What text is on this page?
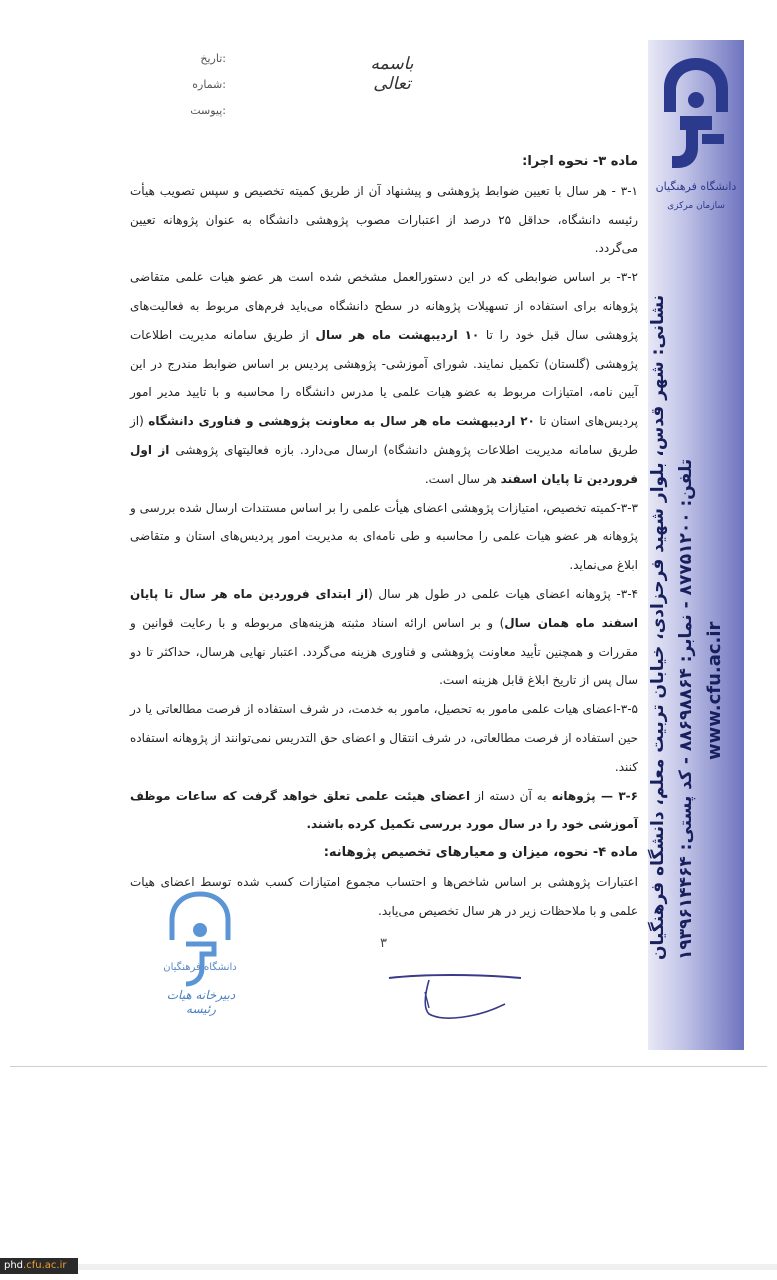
نشانی: شهر قدس، بلوار شهید فرحزادی، خیابان تربیت معلم، دانشگاه فرهنگیان تلفن: ۸۷۷۵۱۲۰۰ - نمابر: ۸۸۶۹۸۸۶۴ - کد پستی: ۱۹۳۹۶۱۴۴۶۴
www.cfu.ac.ir
دانشگاه فرهنگیان
سازمان مرکزی
تاریخ:
شماره:
پیوست:
باسمه تعالی

ماده ۳- نحوه اجرا:

۳-۱ - هر سال با تعیین ضوابط پژوهشی و پیشنهاد آن از طریق کمیته تخصیص و سپس تصویب هیأت رئیسه دانشگاه، حداقل ۲۵ درصد از اعتبارات مصوب پژوهشی دانشگاه به عنوان پژوهانه تعیین می‌گردد.

۳-۲- بر اساس ضوابطی که در این دستورالعمل مشخص شده است هر عضو هیات علمی متقاضی پژوهانه برای استفاده از تسهیلات پژوهانه در سطح دانشگاه می‌باید فرم‌های مربوط به فعالیت‌های پژوهشی سال قبل خود را تا ۱۰ اردیبهشت ماه هر سال از طریق سامانه مدیریت اطلاعات پژوهشی (گلستان) تکمیل نمایند. شورای آموزشی- پژوهشی پردیس بر اساس ضوابط مندرج در این آیین نامه، امتیازات مربوط به عضو هیات علمی یا مدرس دانشگاه را محاسبه و با تایید مدیر امور پردیس‌های استان تا ۲۰ اردیبهشت ماه هر سال به معاونت پژوهشی و فناوری دانشگاه (از طریق سامانه مدیریت اطلاعات پژوهش دانشگاه) ارسال می‌دارد. بازه فعالیتهای پژوهشی از اول فروردین تا پایان اسفند هر سال است.

۳-۳-کمیته تخصیص، امتیازات پژوهشی اعضای هیأت علمی را بر اساس مستندات ارسال شده بررسی و پژوهانه هر عضو هیات علمی را محاسبه و طی نامه‌ای به مدیریت امور پردیس‌های استان و متقاضی ابلاغ می‌نماید.

۳-۴- پژوهانه اعضای هیات علمی در طول هر سال (از ابتدای فروردین ماه هر سال تا پایان اسفند ماه همان سال) و بر اساس ارائه اسناد مثبته هزینه‌های مربوطه و با رعایت قوانین و مقررات و همچنین تأیید معاونت پژوهشی و فناوری هزینه می‌گردد. اعتبار نهایی هرسال، حداکثر تا دو سال پس از تاریخ ابلاغ قابل هزینه است.

۳-۵-اعضای هیات علمی مامور به تحصیل، مامور به خدمت، در شرف استفاده از فرصت مطالعاتی یا در حین استفاده از فرصت مطالعاتی، در شرف انتقال و اعضای حق التدریس نمی‌توانند از پژوهانه استفاده کنند.

۳-۶ — پژوهانه به آن دسته از اعضای هیئت علمی تعلق خواهد گرفت که ساعات موظف آموزشی خود را در سال مورد بررسی تکمیل کرده باشند.

ماده ۴- نحوه، میزان و معیارهای تخصیص پژوهانه:

اعتبارات پژوهشی بر اساس شاخص‌ها و احتساب مجموع امتیازات کسب شده توسط اعضای هیات علمی و با ملاحظات زیر در هر سال تخصیص می‌یابد.

۳
دانشگاه فرهنگیان
دبیرخانه هیات رئیسه
phd.cfu.ac.ir
